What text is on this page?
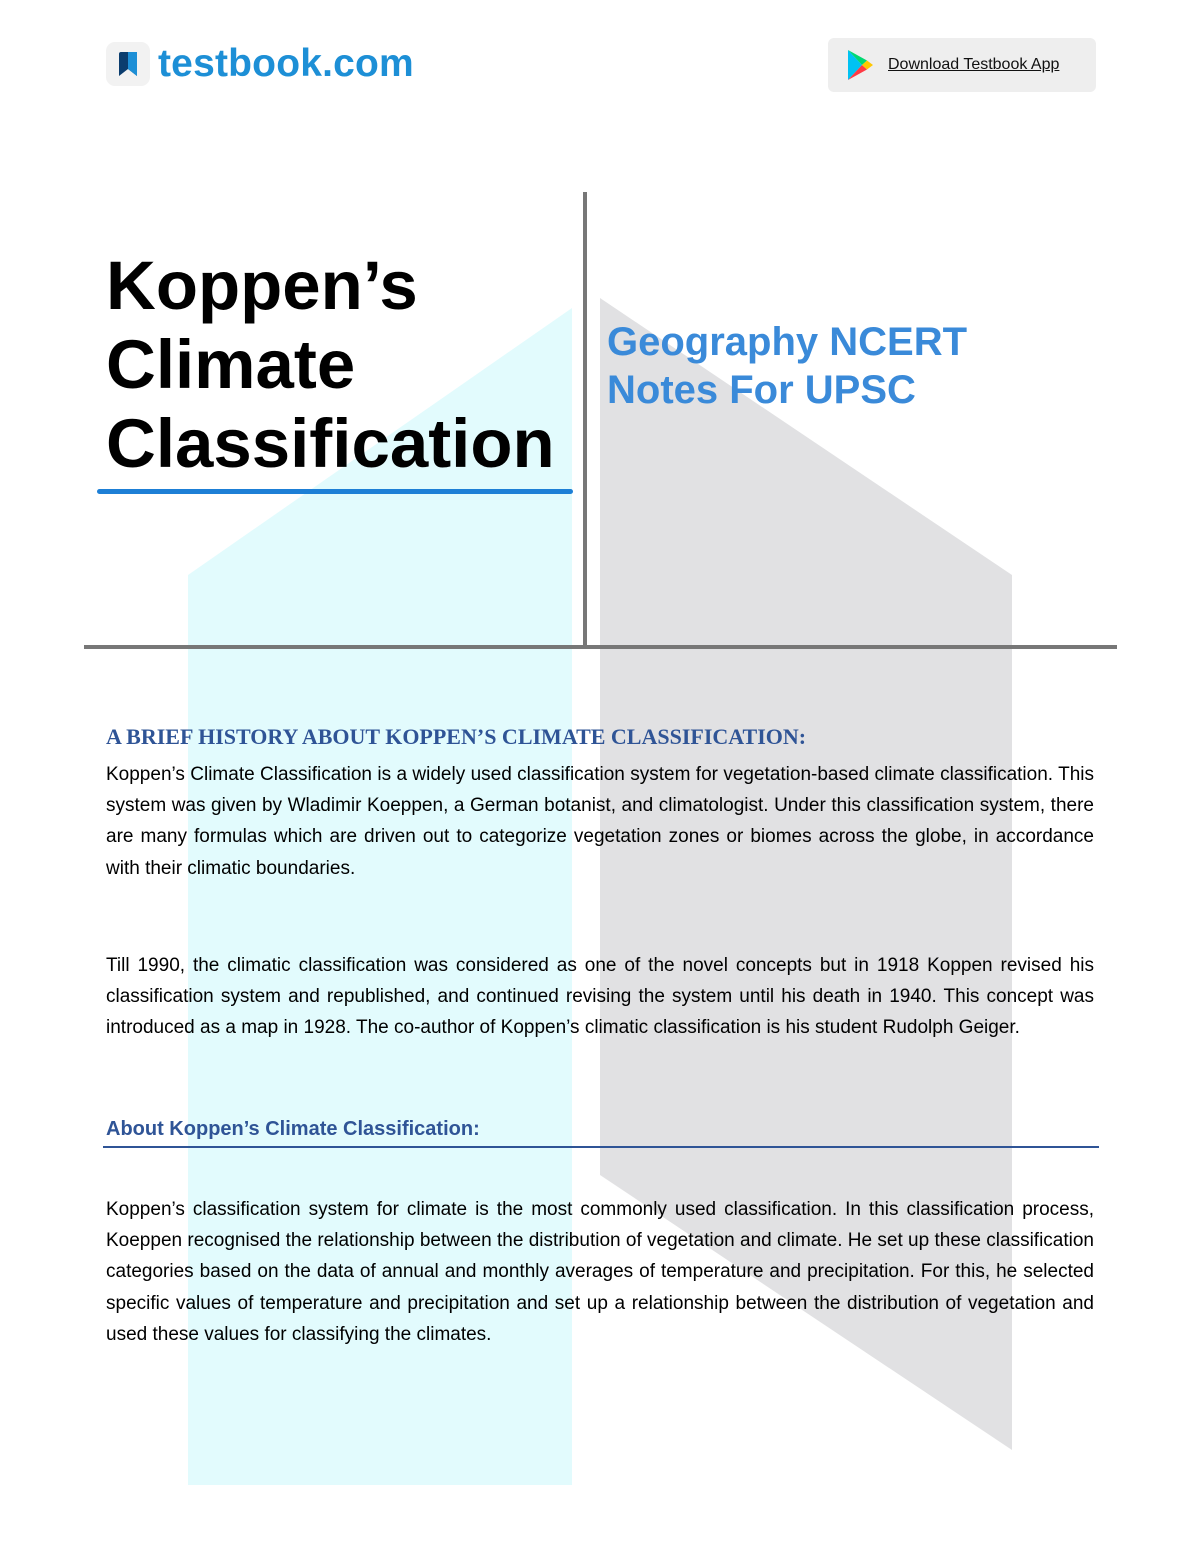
testbook.com	Download Testbook App
Koppen’s
Climate
Classification
Geography NCERT
Notes For UPSC
A BRIEF HISTORY ABOUT KOPPEN’S CLIMATE CLASSIFICATION:

Koppen’s Climate Classification is a widely used classification system for vegetation-based climate classification. This system was given by Wladimir Koeppen, a German botanist, and climatologist. Under this classification system, there are many formulas which are driven out to categorize vegetation zones or biomes across the globe, in accordance with their climatic boundaries.

Till 1990, the climatic classification was considered as one of the novel concepts but in 1918 Koppen revised his classification system and republished, and continued revising the system until his death in 1940. This concept was introduced as a map in 1928. The co-author of Koppen’s climatic classification is his student Rudolph Geiger.

About Koppen’s Climate Classification:

Koppen’s classification system for climate is the most commonly used classification. In this classification process, Koeppen recognised the relationship between the distribution of vegetation and climate. He set up these classification categories based on the data of annual and monthly averages of temperature and precipitation. For this, he selected specific values of temperature and precipitation and set up a relationship between the distribution of vegetation and used these values for classifying the climates.
